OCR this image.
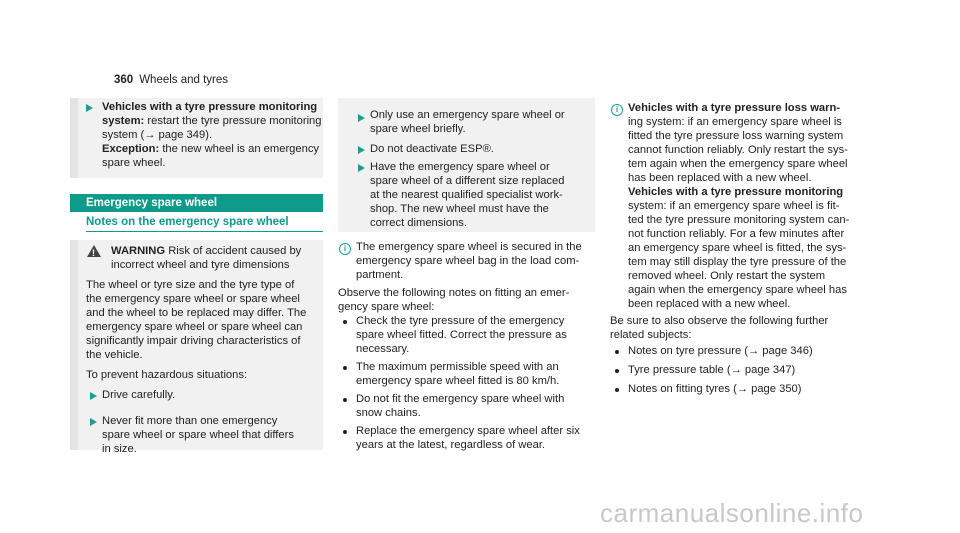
360 Wheels and tyres
Vehicles with a tyre pressure monitoring
system: restart the tyre pressure monitoring
system (→ page 349).
Exception: the new wheel is an emergency
spare wheel.
Emergency spare wheel
Notes on the emergency spare wheel
!
WARNING Risk of accident caused by
incorrect wheel and tyre dimensions
The wheel or tyre size and the tyre type of
the emergency spare wheel or spare wheel
and the wheel to be replaced may differ. The
emergency spare wheel or spare wheel can
significantly impair driving characteristics of
the vehicle.
To prevent hazardous situations:
Drive carefully.
Never fit more than one emergency
spare wheel or spare wheel that differs
in size.
Only use an emergency spare wheel or
spare wheel briefly.
Do not deactivate ESP®.
Have the emergency spare wheel or
spare wheel of a different size replaced
at the nearest qualified specialist work-
shop. The new wheel must have the
correct dimensions.
i The emergency spare wheel is secured in the
emergency spare wheel bag in the load com-
partment.
Observe the following notes on fitting an emer-
gency spare wheel:
Check the tyre pressure of the emergency
spare wheel fitted. Correct the pressure as
necessary.
The maximum permissible speed with an
emergency spare wheel fitted is 80 km/h.
Do not fit the emergency spare wheel with
snow chains.
Replace the emergency spare wheel after six
years at the latest, regardless of wear.
i Vehicles with a tyre pressure loss warn-
ing system: if an emergency spare wheel is
fitted the tyre pressure loss warning system
cannot function reliably. Only restart the sys-
tem again when the emergency spare wheel
has been replaced with a new wheel.
Vehicles with a tyre pressure monitoring
system: if an emergency spare wheel is fit-
ted the tyre pressure monitoring system can-
not function reliably. For a few minutes after
an emergency spare wheel is fitted, the sys-
tem may still display the tyre pressure of the
removed wheel. Only restart the system
again when the emergency spare wheel has
been replaced with a new wheel.
Be sure to also observe the following further
related subjects:
Notes on tyre pressure (→ page 346)
Tyre pressure table (→ page 347)
Notes on fitting tyres (→ page 350)
carmanualsonline.info
